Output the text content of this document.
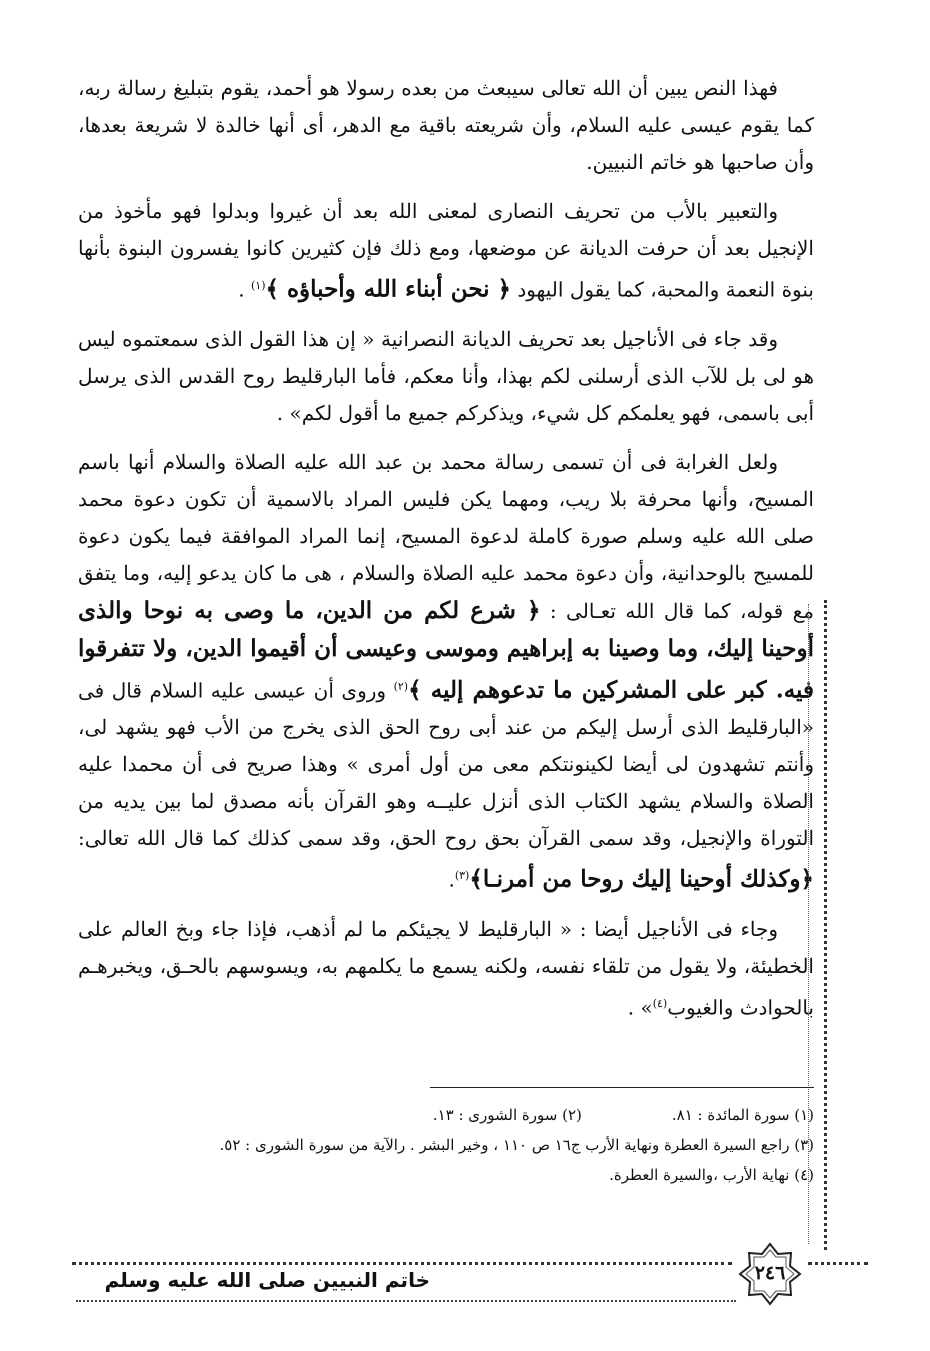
فهذا النص يبين أن الله تعالى سيبعث من بعده رسولا هو أحمد، يقوم بتبليغ رسالة ربه، كما يقوم عيسى عليه السلام، وأن شريعته باقية مع الدهر، أى أنها خالدة لا شريعة بعدها، وأن صاحبها هو خاتم النبيين.

والتعبير بالأب من تحريف النصارى لمعنى الله بعد أن غيروا وبدلوا فهو مأخوذ من الإنجيل بعد أن حرفت الديانة عن موضعها، ومع ذلك فإن كثيرين كانوا يفسرون البنوة بأنها بنوة النعمة والمحبة، كما يقول اليهود ﴿ نحن أبناء الله وأحباؤه ﴾$^{(١)}$ .

وقد جاء فى الأناجيل بعد تحريف الديانة النصرانية « إن هذا القول الذى سمعتموه ليس هو لى بل للآب الذى أرسلنى لكم بهذا، وأنا معكم، فأما البارقليط روح القدس الذى يرسل أبى باسمى، فهو يعلمكم كل شيء، ويذكركم جميع ما أقول لكم» .

ولعل الغرابة فى أن تسمى رسالة محمد بن عبد الله عليه الصلاة والسلام أنها باسم المسيح، وأنها محرفة بلا ريب، ومهما يكن فليس المراد بالاسمية أن تكون دعوة محمد صلى الله عليه وسلم صورة كاملة لدعوة المسيح، إنما المراد الموافقة فيما يكون دعوة للمسيح بالوحدانية، وأن دعوة محمد عليه الصلاة والسلام ، هى ما كان يدعو إليه، وما يتفق مع قوله، كما قال الله تعـالى : ﴿ شرع لكم من الدين، ما وصى به نوحا والذى أوحينا إليك، وما وصينا به إبراهيم وموسى وعيسى أن أقيموا الدين، ولا تتفرقوا فيه. كبر على المشركين ما تدعوهم إليه ﴾$^{(٢)}$ وروى أن عيسى عليه السلام قال فى «البارقليط الذى أرسل إليكم من عند أبى روح الحق الذى يخرج من الأب فهو يشهد لى، وأنتم تشهدون لى أيضا لكينونتكم معى من أول أمرى » وهذا صريح فى أن محمدا عليه الصلاة والسلام يشهد الكتاب الذى أنزل عليــه وهو القرآن بأنه مصدق لما بين يديه من التوراة والإنجيل، وقد سمى القرآن بحق روح الحق، وقد سمى كذلك كما قال الله تعالى: ﴿وكذلك أوحينا إليك روحا من أمرنـا﴾$^{(٣)}$.

وجاء فى الأناجيل أيضا : « البارقليط لا يجيئكم ما لم أذهب، فإذا جاء وبخ العالم على الخطيئة، ولا يقول من تلقاء نفسه، ولكنه يسمع ما يكلمهم به، ويسوسهم بالحـق، ويخبرهـم بالحوادث والغيوب$^{(٤)}$» .

(١) سورة المائدة : ٨١.
(٢) سورة الشورى : ١٣.
(٣) راجع السيرة العطرة ونهاية الأرب ج١٦ ص ١١٠ ، وخير البشر . رالآية من سورة الشورى : ٥٢.
(٤) نهاية الأرب ،والسيرة العطرة.
خاتم النبيين صلى الله عليه وسلم	٢٤٦
